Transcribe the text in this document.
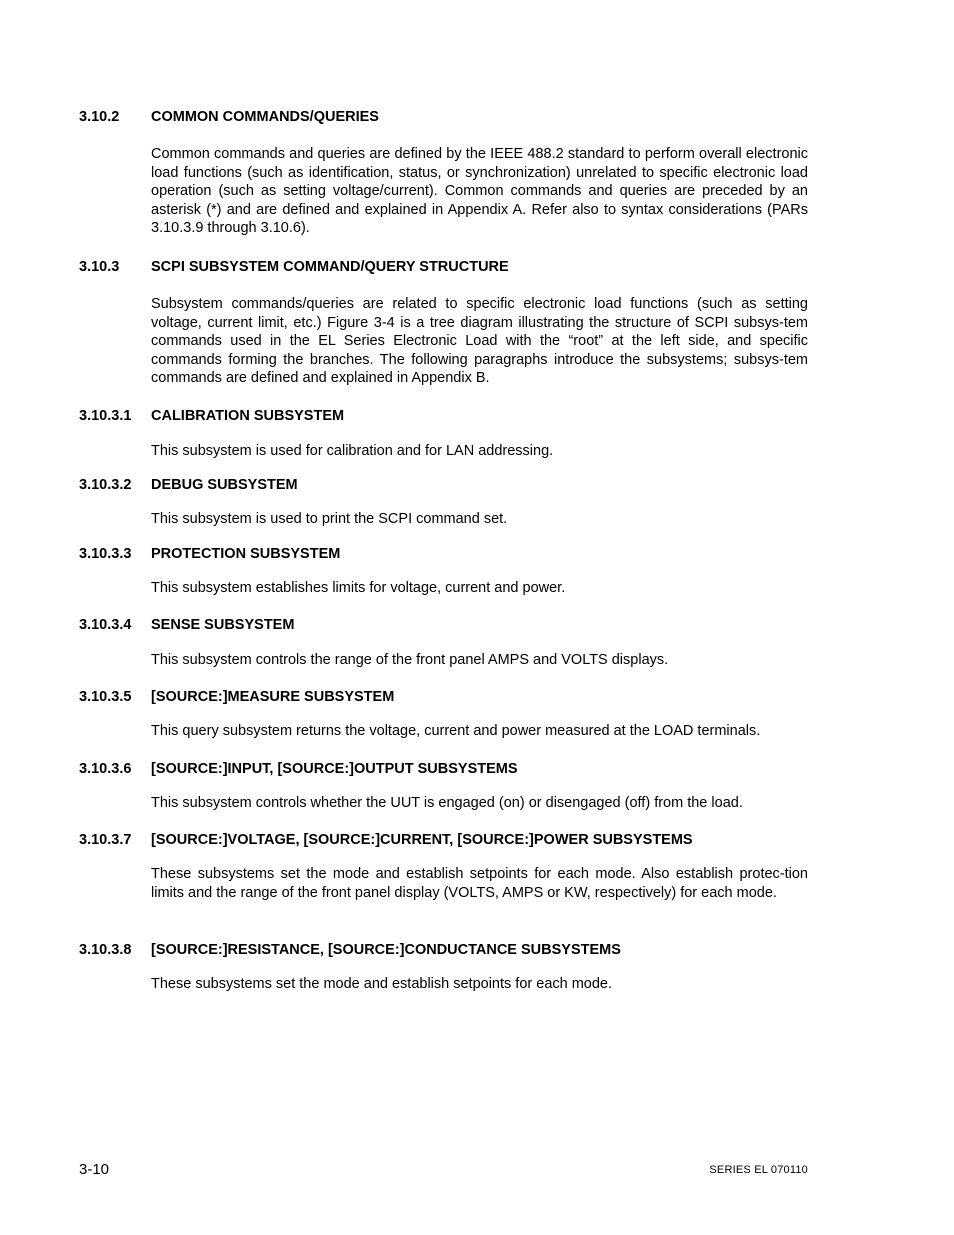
3.10.2 COMMON COMMANDS/QUERIES
Common commands and queries are defined by the IEEE 488.2 standard to perform overall electronic load functions (such as identification, status, or synchronization) unrelated to specific electronic load operation (such as setting voltage/current). Common commands and queries are preceded by an asterisk (*) and are defined and explained in Appendix A. Refer also to syntax considerations (PARs 3.10.3.9 through 3.10.6).
3.10.3 SCPI SUBSYSTEM COMMAND/QUERY STRUCTURE
Subsystem commands/queries are related to specific electronic load functions (such as setting voltage, current limit, etc.) Figure 3-4 is a tree diagram illustrating the structure of SCPI subsys-tem commands used in the EL Series Electronic Load with the “root” at the left side, and specific commands forming the branches. The following paragraphs introduce the subsystems; subsys-tem commands are defined and explained in Appendix B.
3.10.3.1 CALIBRATION SUBSYSTEM
This subsystem is used for calibration and for LAN addressing.
3.10.3.2 DEBUG SUBSYSTEM
This subsystem is used to print the SCPI command set.
3.10.3.3 PROTECTION SUBSYSTEM
This subsystem establishes limits for voltage, current and power.
3.10.3.4 SENSE SUBSYSTEM
This subsystem controls the range of the front panel AMPS and VOLTS displays.
3.10.3.5 [SOURCE:]MEASURE SUBSYSTEM
This query subsystem returns the voltage, current and power measured at the LOAD terminals.
3.10.3.6 [SOURCE:]INPUT, [SOURCE:]OUTPUT SUBSYSTEMS
This subsystem controls whether the UUT is engaged (on) or disengaged (off) from the load.
3.10.3.7 [SOURCE:]VOLTAGE, [SOURCE:]CURRENT, [SOURCE:]POWER SUBSYSTEMS
These subsystems set the mode and establish setpoints for each mode. Also establish protec-tion limits and the range of the front panel display (VOLTS, AMPS or KW, respectively) for each mode.
3.10.3.8 [SOURCE:]RESISTANCE, [SOURCE:]CONDUCTANCE SUBSYSTEMS
These subsystems set the mode and establish setpoints for each mode.
3-10	SERIES EL 070110
